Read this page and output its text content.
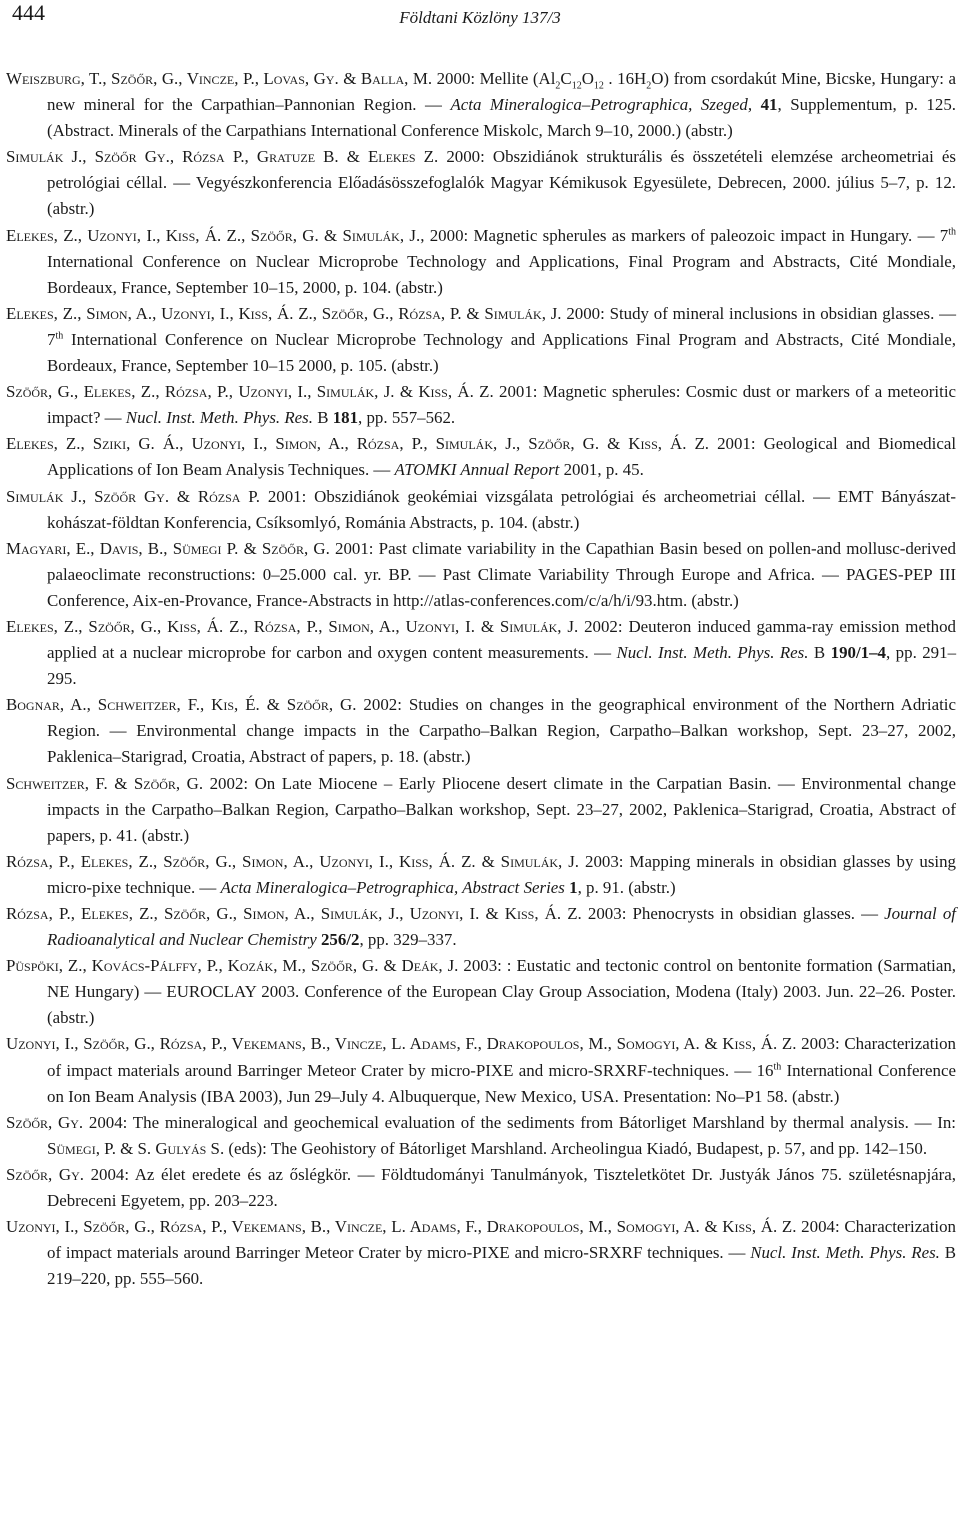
444	Földtani Közlöny 137/3

Weiszburg, T., Szöőr, G., Vincze, P., Lovas, Gy. & Balla, M. 2000: Mellite ($Al_2C_{12}O_{12}$ . $16H_2O$) from csordakút Mine, Bicske, Hungary: a new mineral for the Carpathian–Pannonian Region. — Acta Mineralogica–Petrographica, Szeged, 41, Supplementum, p. 125. (Abstract. Minerals of the Carpathians International Conference Miskolc, March 9–10, 2000.) (abstr.)

Simulák J., Szöőr Gy., Rózsa P., Gratuze B. & Elekes Z. 2000: Obszidiánok strukturális és összetételi elemzése archeometriai és petrológiai céllal. — Vegyészkonferencia Előadásösszefoglalók Magyar Kémikusok Egyesülete, Debrecen, 2000. július 5–7, p. 12. (abstr.)

Elekes, Z., Uzonyi, I., Kiss, Á. Z., Szöőr, G. & Simulák, J., 2000: Magnetic spherules as markers of paleozoic impact in Hungary. — 7th International Conference on Nuclear Microprobe Technology and Applications, Final Program and Abstracts, Cité Mondiale, Bordeaux, France, September 10–15, 2000, p. 104. (abstr.)

Elekes, Z., Simon, A., Uzonyi, I., Kiss, Á. Z., Szöőr, G., Rózsa, P. & Simulák, J. 2000: Study of mineral inclusions in obsidian glasses. — 7th International Conference on Nuclear Microprobe Technology and Applications Final Program and Abstracts, Cité Mondiale, Bordeaux, France, September 10–15 2000, p. 105. (abstr.)

Szöőr, G., Elekes, Z., Rózsa, P., Uzonyi, I., Simulák, J. & Kiss, Á. Z. 2001: Magnetic spherules: Cosmic dust or markers of a meteoritic impact? — Nucl. Inst. Meth. Phys. Res. B 181, pp. 557–562.

Elekes, Z., Sziki, G. Á., Uzonyi, I., Simon, A., Rózsa, P., Simulák, J., Szöőr, G. & Kiss, Á. Z. 2001: Geological and Biomedical Applications of Ion Beam Analysis Techniques. — ATOMKI Annual Report 2001, p. 45.

Simulák J., Szöőr Gy. & Rózsa P. 2001: Obszidiánok geokémiai vizsgálata petrológiai és archeometriai céllal. — EMT Bányászat-kohászat-földtan Konferencia, Csíksomlyó, Románia Abstracts, p. 104. (abstr.)

Magyari, E., Davis, B., Sümegi P. & Szöőr, G. 2001: Past climate variability in the Capathian Basin besed on pollen-and mollusc-derived palaeoclimate reconstructions: 0–25.000 cal. yr. BP. — Past Climate Variability Through Europe and Africa. — PAGES-PEP III Conference, Aix-en-Provance, France-Abstracts in http://atlas-conferences.com/c/a/h/i/93.htm. (abstr.)

Elekes, Z., Szöőr, G., Kiss, Á. Z., Rózsa, P., Simon, A., Uzonyi, I. & Simulák, J. 2002: Deuteron induced gamma-ray emission method applied at a nuclear microprobe for carbon and oxygen content measurements. — Nucl. Inst. Meth. Phys. Res. B 190/1–4, pp. 291–295.

Bognar, A., Schweitzer, F., Kis, É. & Szöőr, G. 2002: Studies on changes in the geographical environment of the Northern Adriatic Region. — Environmental change impacts in the Carpatho–Balkan Region, Carpatho–Balkan workshop, Sept. 23–27, 2002, Paklenica–Starigrad, Croatia, Abstract of papers, p. 18. (abstr.)

Schweitzer, F. & Szöőr, G. 2002: On Late Miocene – Early Pliocene desert climate in the Carpatian Basin. — Environmental change impacts in the Carpatho–Balkan Region, Carpatho–Balkan workshop, Sept. 23–27, 2002, Paklenica–Starigrad, Croatia, Abstract of papers, p. 41. (abstr.)

Rózsa, P., Elekes, Z., Szöőr, G., Simon, A., Uzonyi, I., Kiss, Á. Z. & Simulák, J. 2003: Mapping minerals in obsidian glasses by using micro-pixe technique. — Acta Mineralogica–Petrographica, Abstract Series 1, p. 91. (abstr.)

Rózsa, P., Elekes, Z., Szöőr, G., Simon, A., Simulák, J., Uzonyi, I. & Kiss, Á. Z. 2003: Phenocrysts in obsidian glasses. — Journal of Radioanalytical and Nuclear Chemistry 256/2, pp. 329–337.

Püspöki, Z., Kovács-Pálffy, P., Kozák, M., Szöőr, G. & Deák, J. 2003: : Eustatic and tectonic control on bentonite formation (Sarmatian, NE Hungary) — EUROCLAY 2003. Conference of the European Clay Group Association, Modena (Italy) 2003. Jun. 22–26. Poster. (abstr.)

Uzonyi, I., Szöőr, G., Rózsa, P., Vekemans, B., Vincze, L. Adams, F., Drakopoulos, M., Somogyi, A. & Kiss, Á. Z. 2003: Characterization of impact materials around Barringer Meteor Crater by micro-PIXE and micro-SRXRF-techniques. — 16th International Conference on Ion Beam Analysis (IBA 2003), Jun 29–July 4. Albuquerque, New Mexico, USA. Presentation: No–P1 58. (abstr.)

Szöőr, Gy. 2004: The mineralogical and geochemical evaluation of the sediments from Bátorliget Marshland by thermal analysis. — In: Sümegi, P. & S. Gulyás S. (eds): The Geohistory of Bátorliget Marshland. Archeolingua Kiadó, Budapest, p. 57, and pp. 142–150.

Szöőr, Gy. 2004: Az élet eredete és az őslégkör. — Földtudományi Tanulmányok, Tiszteletkötet Dr. Justyák János 75. születésnapjára, Debreceni Egyetem, pp. 203–223.

Uzonyi, I., Szöőr, G., Rózsa, P., Vekemans, B., Vincze, L. Adams, F., Drakopoulos, M., Somogyi, A. & Kiss, Á. Z. 2004: Characterization of impact materials around Barringer Meteor Crater by micro-PIXE and micro-SRXRF techniques. — Nucl. Inst. Meth. Phys. Res. B 219–220, pp. 555–560.
